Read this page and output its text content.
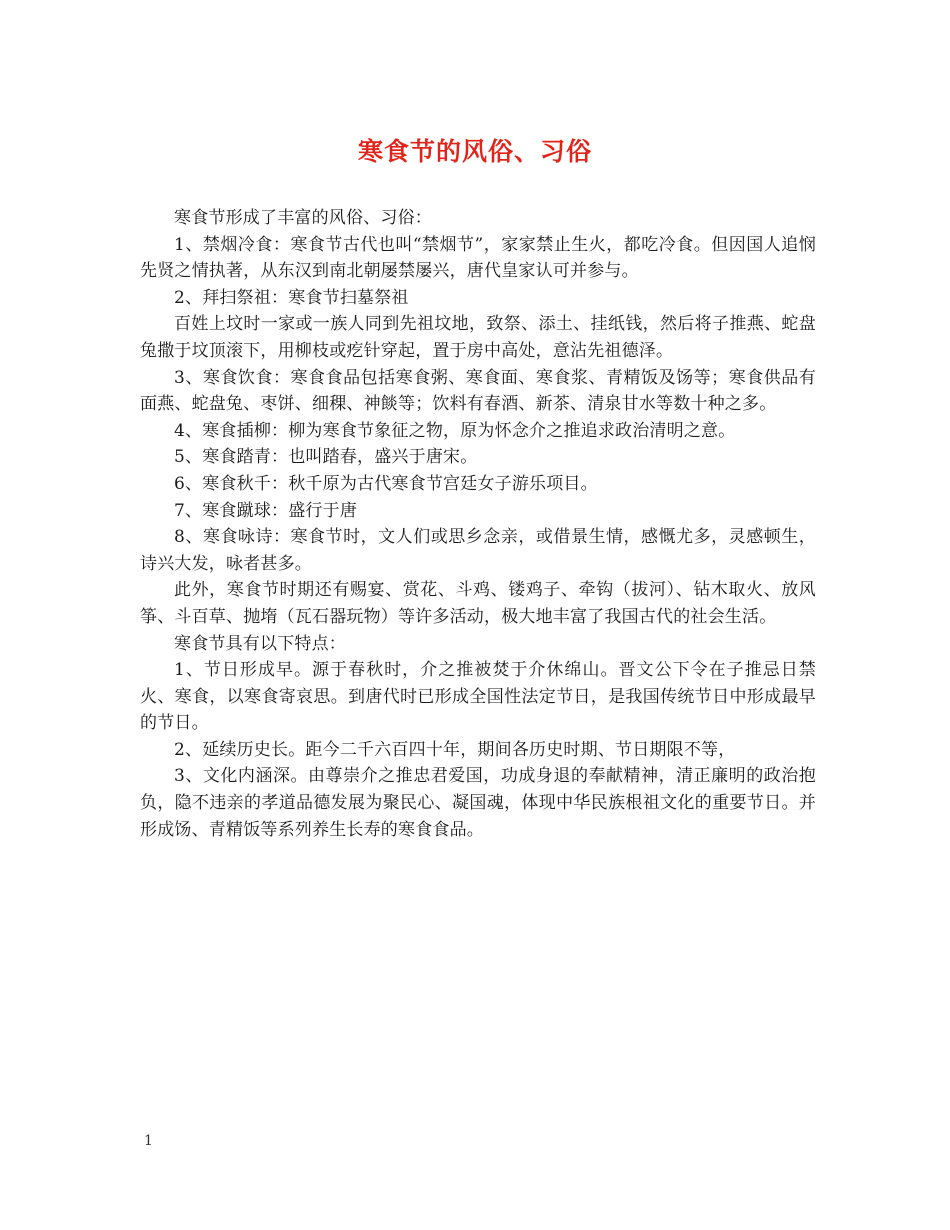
寒食节的风俗、习俗

寒食节形成了丰富的风俗、习俗：

1、禁烟冷食：寒食节古代也叫“禁烟节”，家家禁止生火，都吃冷食。但因国人追悯先贤之情执著，从东汉到南北朝屡禁屡兴，唐代皇家认可并参与。

2、拜扫祭祖：寒食节扫墓祭祖

百姓上坟时一家或一族人同到先祖坟地，致祭、添土、挂纸钱，然后将子推燕、蛇盘兔撒于坟顶滚下，用柳枝或疙针穿起，置于房中高处，意沾先祖德泽。

3、寒食饮食：寒食食品包括寒食粥、寒食面、寒食浆、青精饭及饧等；寒食供品有面燕、蛇盘兔、枣饼、细稞、神餤等；饮料有春酒、新茶、清泉甘水等数十种之多。

4、寒食插柳：柳为寒食节象征之物，原为怀念介之推追求政治清明之意。

5、寒食踏青：也叫踏春，盛兴于唐宋。

6、寒食秋千：秋千原为古代寒食节宫廷女子游乐项目。

7、寒食蹴球：盛行于唐

8、寒食咏诗：寒食节时，文人们或思乡念亲，或借景生情，感慨尤多，灵感顿生，诗兴大发，咏者甚多。

此外，寒食节时期还有赐宴、赏花、斗鸡、镂鸡子、牵钩（拔河）、钻木取火、放风筝、斗百草、抛堶（瓦石器玩物）等许多活动，极大地丰富了我国古代的社会生活。

寒食节具有以下特点：

1、节日形成早。源于春秋时，介之推被焚于介休绵山。晋文公下令在子推忌日禁火、寒食，以寒食寄哀思。到唐代时已形成全国性法定节日，是我国传统节日中形成最早的节日。

2、延续历史长。距今二千六百四十年，期间各历史时期、节日期限不等，

3、文化内涵深。由尊崇介之推忠君爱国，功成身退的奉献精神，清正廉明的政治抱负，隐不违亲的孝道品德发展为聚民心、凝国魂，体现中华民族根祖文化的重要节日。并形成饧、青精饭等系列养生长寿的寒食食品。

1
